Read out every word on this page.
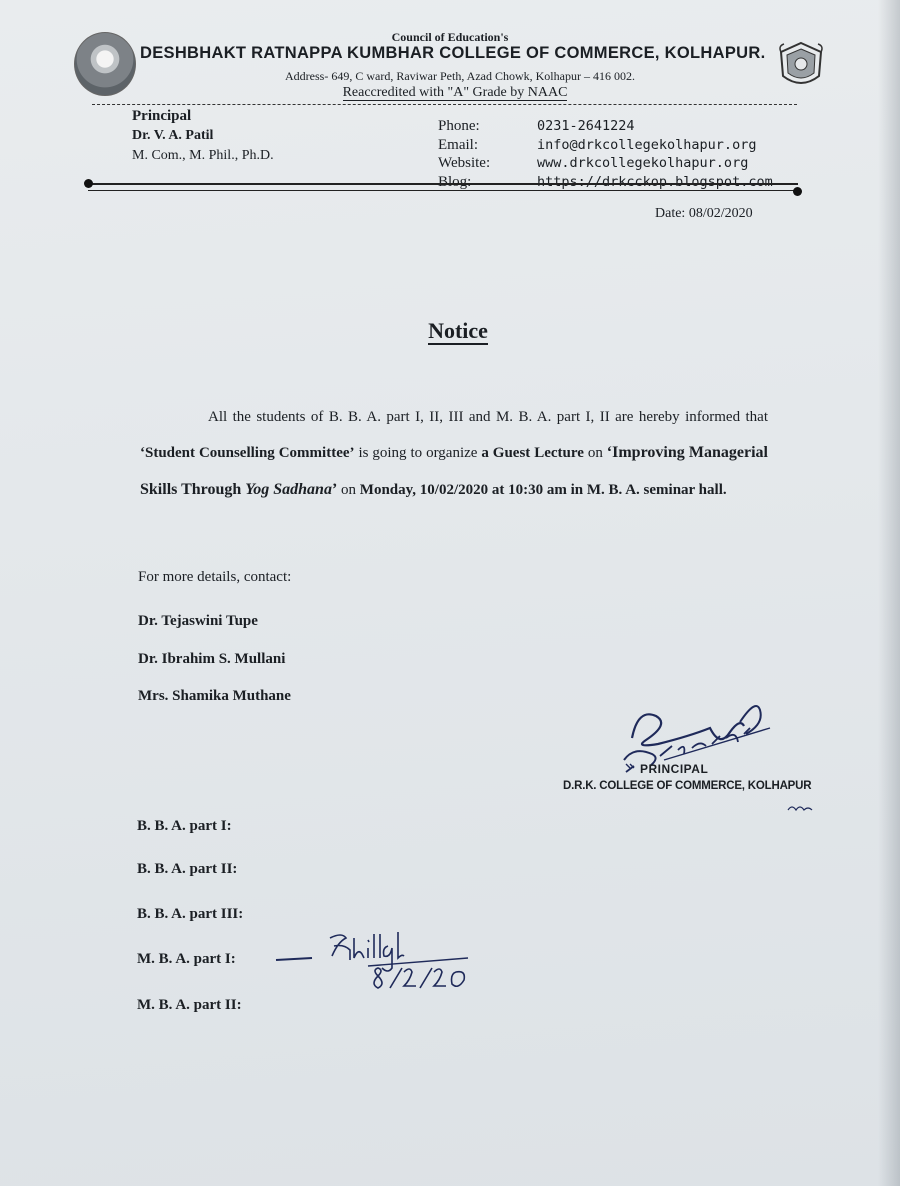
Council of Education's
DESHBHAKT RATNAPPA KUMBHAR COLLEGE OF COMMERCE, KOLHAPUR.
Address- 649, C ward, Raviwar Peth, Azad Chowk, Kolhapur – 416 002.
Reaccredited with "A" Grade by NAAC
Principal
Dr. V. A. Patil
M. Com., M. Phil., Ph.D.
Phone:	0231-2641224
Email:	info@drkcollegekolhapur.org
Website:	www.drkcollegekolhapur.org
Blog:	https://drkcckop.blogspot.com
Date: 08/02/2020
Notice
All the students of B. B. A. part I, II, III and M. B. A. part I, II are hereby informed that ‘Student Counselling Committee’ is going to organize a Guest Lecture on ‘Improving Managerial Skills Through Yog Sadhana’ on Monday, 10/02/2020 at 10:30 am in M. B. A. seminar hall.
For more details, contact:
Dr. Tejaswini Tupe
Dr. Ibrahim S. Mullani
Mrs. Shamika Muthane
PRINCIPAL
D.R.K. COLLEGE OF COMMERCE, KOLHAPUR
B. B. A. part I:
B. B. A. part II:
B. B. A. part III:
M. B. A. part I:
M. B. A. part II:
